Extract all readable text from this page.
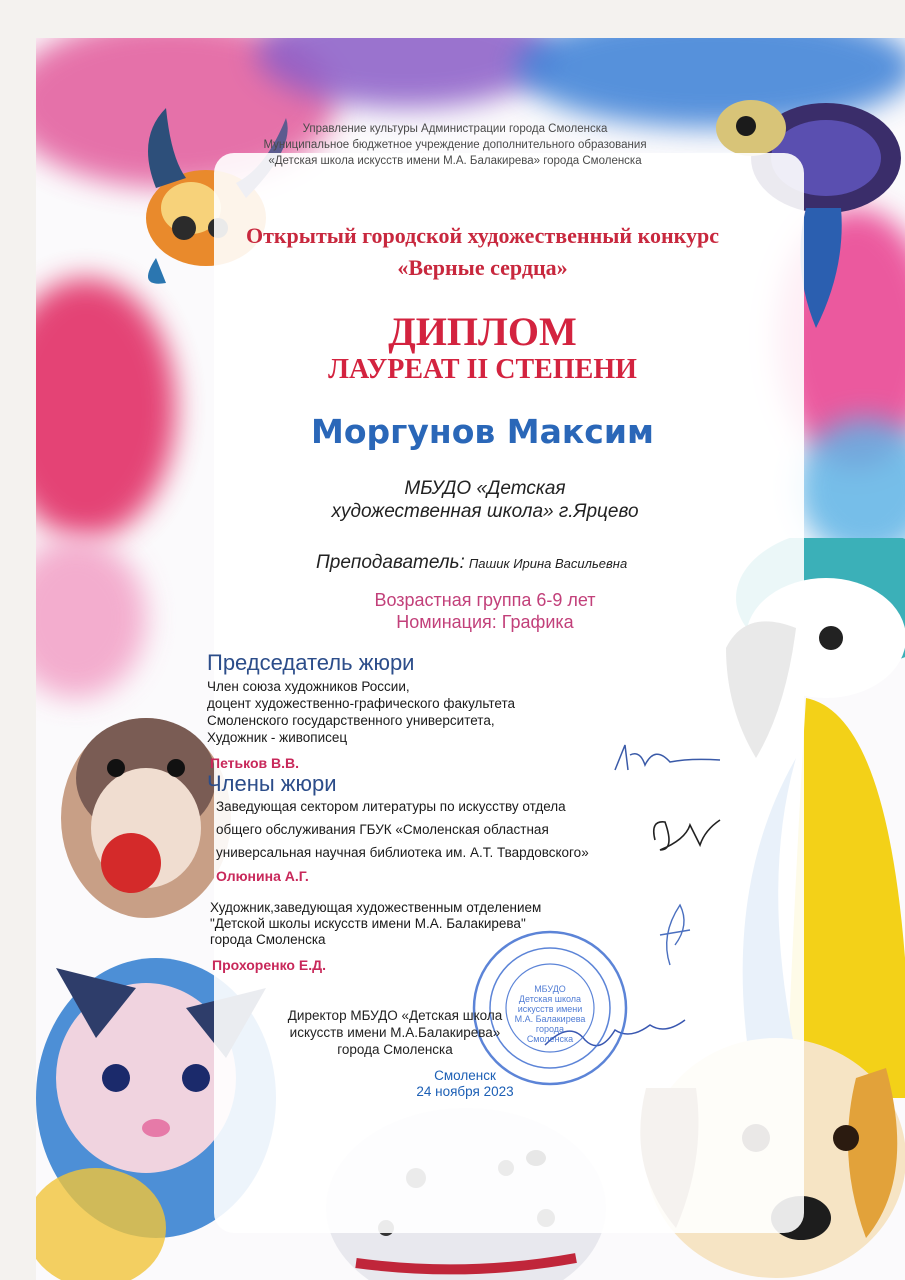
Управление культуры Администрации города Смоленска
Муниципальное бюджетное учреждение дополнительного образования
«Детская школа искусств имени М.А. Балакирева» города Смоленска
Открытый городской художественный конкурс
«Верные сердца»
ДИПЛОМ
ЛАУРЕАТ II СТЕПЕНИ
Моргунов Максим
МБУДО «Детская
художественная школа» г.Ярцево
Преподаватель: Пашик Ирина Васильевна
Возрастная группа 6-9 лет
Номинация: Графика
Председатель жюри
Член союза художников России,
доцент художественно-графического факультета
Смоленского государственного университета,
Художник - живописец
Петьков В.В.
Члены жюри
Заведующая сектором литературы по искусству отдела
общего обслуживания ГБУК «Смоленская областная
универсальная научная библиотека им. А.Т. Твардовского»
Олюнина А.Г.
Художник,заведующая художественным отделением
"Детской школы искусств имени М.А. Балакирева"
города Смоленска
Прохоренко Е.Д.
МБУДО
Детская школа
искусств имени
М.А. Балакирева
города
Смоленска
Директор МБУДО «Детская школа
искусств имени М.А.Балакирева»
города Смоленска
Смоленск
24 ноября 2023
